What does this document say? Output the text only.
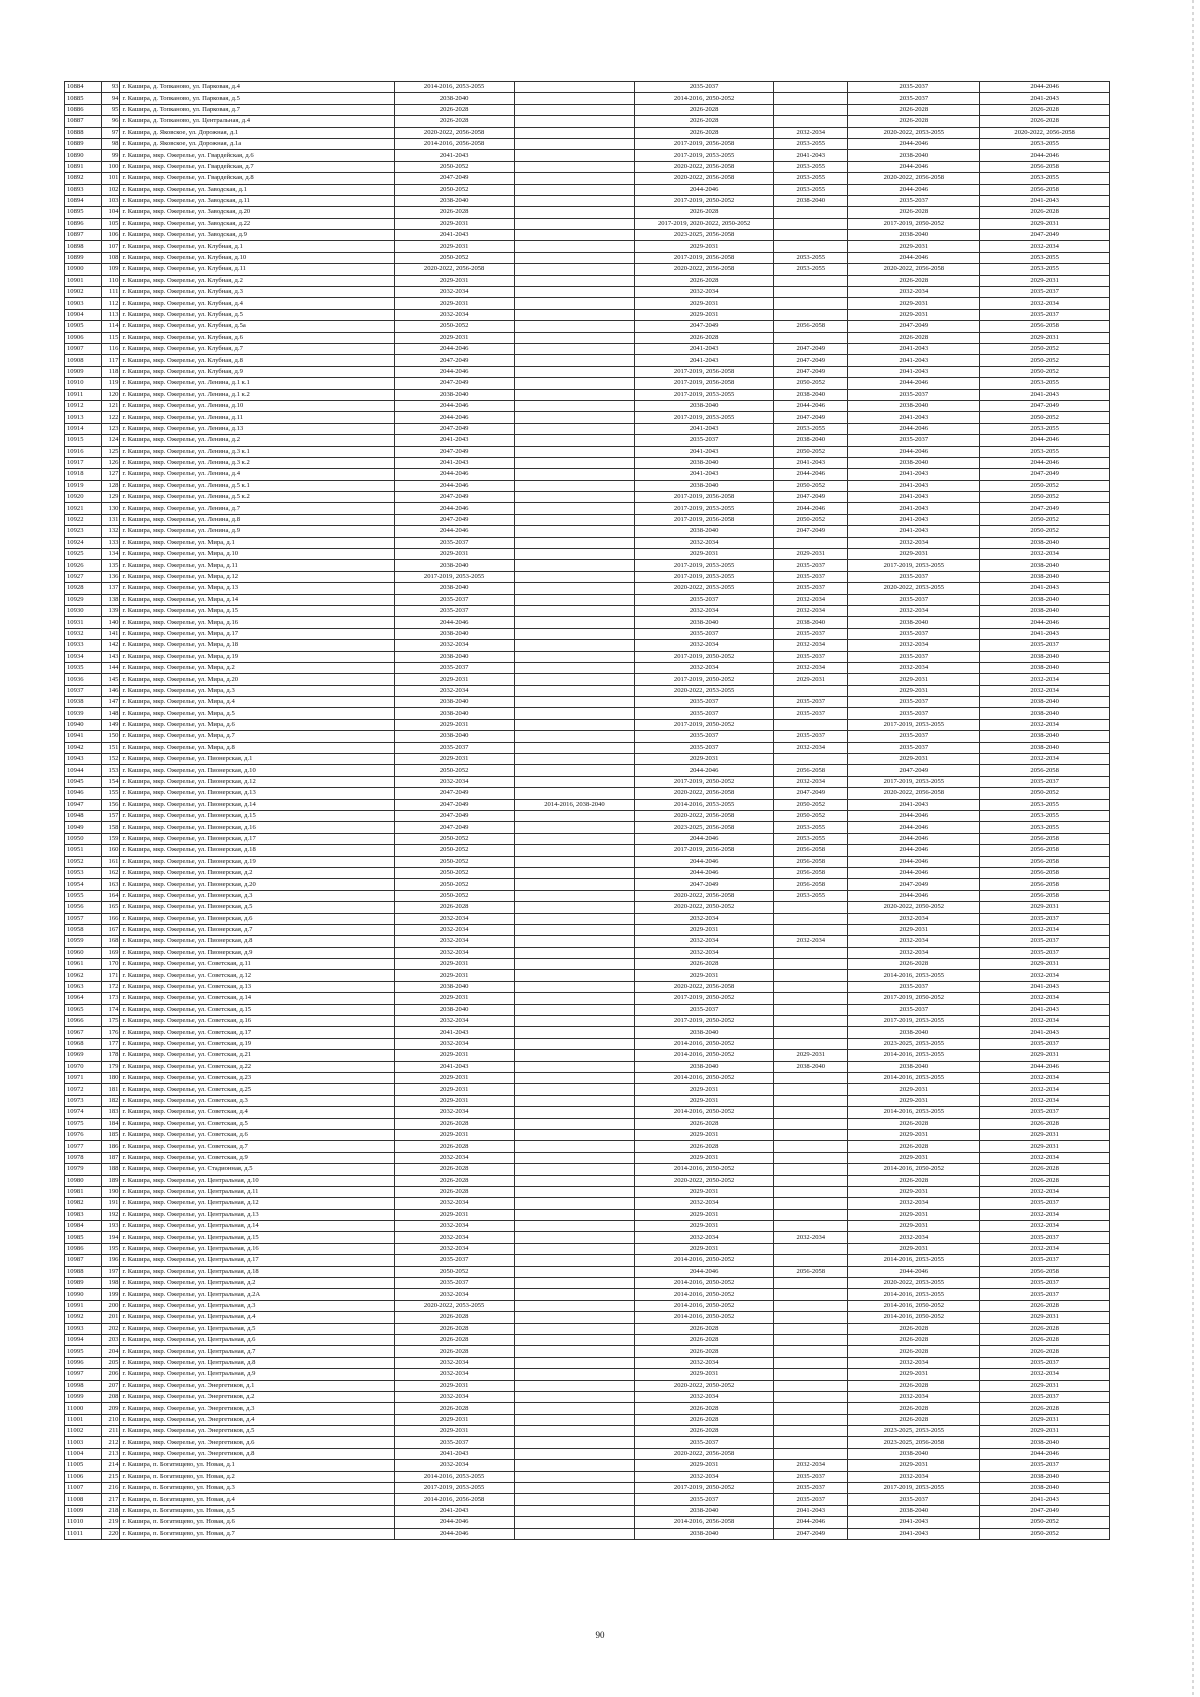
10884	93	г. Кашира, д. Топканово, ул. Парковая, д.4	2014-2016, 2053-2055		2035-2037		2035-2037	2044-2046
10885	94	г. Кашира, д. Топканово, ул. Парковая, д.5	2038-2040		2014-2016, 2050-2052		2035-2037	2041-2043
10886	95	г. Кашира, д. Топканово, ул. Парковая, д.7	2026-2028		2026-2028		2026-2028	2026-2028
10887	96	г. Кашира, д. Топканово, ул. Центральная, д.4	2026-2028		2026-2028		2026-2028	2026-2028
10888	97	г. Кашира, д. Яковское, ул. Дорожная, д.1	2020-2022, 2056-2058		2026-2028	2032-2034	2020-2022, 2053-2055	2020-2022, 2056-2058
10889	98	г. Кашира, д. Яковское, ул. Дорожная, д.1а	2014-2016, 2056-2058		2017-2019, 2056-2058	2053-2055	2044-2046	2053-2055
10890	99	г. Кашира, мкр. Ожерелье, ул. Гвардейская, д.6	2041-2043		2017-2019, 2053-2055	2041-2043	2038-2040	2044-2046
10891	100	г. Кашира, мкр. Ожерелье, ул. Гвардейская, д.7	2050-2052		2020-2022, 2056-2058	2053-2055	2044-2046	2056-2058
10892	101	г. Кашира, мкр. Ожерелье, ул. Гвардейская, д.8	2047-2049		2020-2022, 2056-2058	2053-2055	2020-2022, 2056-2058	2053-2055
10893	102	г. Кашира, мкр. Ожерелье, ул. Заводская, д.1	2050-2052		2044-2046	2053-2055	2044-2046	2056-2058
10894	103	г. Кашира, мкр. Ожерелье, ул. Заводская, д.11	2038-2040		2017-2019, 2050-2052	2038-2040	2035-2037	2041-2043
10895	104	г. Кашира, мкр. Ожерелье, ул. Заводская, д.20	2026-2028		2026-2028		2026-2028	2026-2028
10896	105	г. Кашира, мкр. Ожерелье, ул. Заводская, д.22	2029-2031		2017-2019, 2020-2022, 2050-2052		2017-2019, 2050-2052	2029-2031
10897	106	г. Кашира, мкр. Ожерелье, ул. Заводская, д.9	2041-2043		2023-2025, 2056-2058		2038-2040	2047-2049
10898	107	г. Кашира, мкр. Ожерелье, ул. Клубная, д.1	2029-2031		2029-2031		2029-2031	2032-2034
10899	108	г. Кашира, мкр. Ожерелье, ул. Клубная, д.10	2050-2052		2017-2019, 2056-2058	2053-2055	2044-2046	2053-2055
10900	109	г. Кашира, мкр. Ожерелье, ул. Клубная, д.11	2020-2022, 2056-2058		2020-2022, 2056-2058	2053-2055	2020-2022, 2056-2058	2053-2055
10901	110	г. Кашира, мкр. Ожерелье, ул. Клубная, д.2	2029-2031		2026-2028		2026-2028	2029-2031
10902	111	г. Кашира, мкр. Ожерелье, ул. Клубная, д.3	2032-2034		2032-2034		2032-2034	2035-2037
10903	112	г. Кашира, мкр. Ожерелье, ул. Клубная, д.4	2029-2031		2029-2031		2029-2031	2032-2034
10904	113	г. Кашира, мкр. Ожерелье, ул. Клубная, д.5	2032-2034		2029-2031		2029-2031	2035-2037
10905	114	г. Кашира, мкр. Ожерелье, ул. Клубная, д.5а	2050-2052		2047-2049	2056-2058	2047-2049	2056-2058
10906	115	г. Кашира, мкр. Ожерелье, ул. Клубная, д.6	2029-2031		2026-2028		2026-2028	2029-2031
10907	116	г. Кашира, мкр. Ожерелье, ул. Клубная, д.7	2044-2046		2041-2043	2047-2049	2041-2043	2050-2052
10908	117	г. Кашира, мкр. Ожерелье, ул. Клубная, д.8	2047-2049		2041-2043	2047-2049	2041-2043	2050-2052
10909	118	г. Кашира, мкр. Ожерелье, ул. Клубная, д.9	2044-2046		2017-2019, 2056-2058	2047-2049	2041-2043	2050-2052
10910	119	г. Кашира, мкр. Ожерелье, ул. Ленина, д.1 к.1	2047-2049		2017-2019, 2056-2058	2050-2052	2044-2046	2053-2055
10911	120	г. Кашира, мкр. Ожерелье, ул. Ленина, д.1 к.2	2038-2040		2017-2019, 2053-2055	2038-2040	2035-2037	2041-2043
10912	121	г. Кашира, мкр. Ожерелье, ул. Ленина, д.10	2044-2046		2038-2040	2044-2046	2038-2040	2047-2049
10913	122	г. Кашира, мкр. Ожерелье, ул. Ленина, д.11	2044-2046		2017-2019, 2053-2055	2047-2049	2041-2043	2050-2052
10914	123	г. Кашира, мкр. Ожерелье, ул. Ленина, д.13	2047-2049		2041-2043	2053-2055	2044-2046	2053-2055
10915	124	г. Кашира, мкр. Ожерелье, ул. Ленина, д.2	2041-2043		2035-2037	2038-2040	2035-2037	2044-2046
10916	125	г. Кашира, мкр. Ожерелье, ул. Ленина, д.3 к.1	2047-2049		2041-2043	2050-2052	2044-2046	2053-2055
10917	126	г. Кашира, мкр. Ожерелье, ул. Ленина, д.3 к.2	2041-2043		2038-2040	2041-2043	2038-2040	2044-2046
10918	127	г. Кашира, мкр. Ожерелье, ул. Ленина, д.4	2044-2046		2041-2043	2044-2046	2041-2043	2047-2049
10919	128	г. Кашира, мкр. Ожерелье, ул. Ленина, д.5 к.1	2044-2046		2038-2040	2050-2052	2041-2043	2050-2052
10920	129	г. Кашира, мкр. Ожерелье, ул. Ленина, д.5 к.2	2047-2049		2017-2019, 2056-2058	2047-2049	2041-2043	2050-2052
10921	130	г. Кашира, мкр. Ожерелье, ул. Ленина, д.7	2044-2046		2017-2019, 2053-2055	2044-2046	2041-2043	2047-2049
10922	131	г. Кашира, мкр. Ожерелье, ул. Ленина, д.8	2047-2049		2017-2019, 2056-2058	2050-2052	2041-2043	2050-2052
10923	132	г. Кашира, мкр. Ожерелье, ул. Ленина, д.9	2044-2046		2038-2040	2047-2049	2041-2043	2050-2052
10924	133	г. Кашира, мкр. Ожерелье, ул. Мира, д.1	2035-2037		2032-2034		2032-2034	2038-2040
10925	134	г. Кашира, мкр. Ожерелье, ул. Мира, д.10	2029-2031		2029-2031	2029-2031	2029-2031	2032-2034
10926	135	г. Кашира, мкр. Ожерелье, ул. Мира, д.11	2038-2040		2017-2019, 2053-2055	2035-2037	2017-2019, 2053-2055	2038-2040
10927	136	г. Кашира, мкр. Ожерелье, ул. Мира, д.12	2017-2019, 2053-2055		2017-2019, 2053-2055	2035-2037	2035-2037	2038-2040
10928	137	г. Кашира, мкр. Ожерелье, ул. Мира, д.13	2038-2040		2020-2022, 2053-2055	2035-2037	2020-2022, 2053-2055	2041-2043
10929	138	г. Кашира, мкр. Ожерелье, ул. Мира, д.14	2035-2037		2035-2037	2032-2034	2035-2037	2038-2040
10930	139	г. Кашира, мкр. Ожерелье, ул. Мира, д.15	2035-2037		2032-2034	2032-2034	2032-2034	2038-2040
10931	140	г. Кашира, мкр. Ожерелье, ул. Мира, д.16	2044-2046		2038-2040	2038-2040	2038-2040	2044-2046
10932	141	г. Кашира, мкр. Ожерелье, ул. Мира, д.17	2038-2040		2035-2037	2035-2037	2035-2037	2041-2043
10933	142	г. Кашира, мкр. Ожерелье, ул. Мира, д.18	2032-2034		2032-2034	2032-2034	2032-2034	2035-2037
10934	143	г. Кашира, мкр. Ожерелье, ул. Мира, д.19	2038-2040		2017-2019, 2050-2052	2035-2037	2035-2037	2038-2040
10935	144	г. Кашира, мкр. Ожерелье, ул. Мира, д.2	2035-2037		2032-2034	2032-2034	2032-2034	2038-2040
10936	145	г. Кашира, мкр. Ожерелье, ул. Мира, д.20	2029-2031		2017-2019, 2050-2052	2029-2031	2029-2031	2032-2034
10937	146	г. Кашира, мкр. Ожерелье, ул. Мира, д.3	2032-2034		2020-2022, 2053-2055		2029-2031	2032-2034
10938	147	г. Кашира, мкр. Ожерелье, ул. Мира, д.4	2038-2040		2035-2037	2035-2037	2035-2037	2038-2040
10939	148	г. Кашира, мкр. Ожерелье, ул. Мира, д.5	2038-2040		2035-2037	2035-2037	2035-2037	2038-2040
10940	149	г. Кашира, мкр. Ожерелье, ул. Мира, д.6	2029-2031		2017-2019, 2050-2052		2017-2019, 2053-2055	2032-2034
10941	150	г. Кашира, мкр. Ожерелье, ул. Мира, д.7	2038-2040		2035-2037	2035-2037	2035-2037	2038-2040
10942	151	г. Кашира, мкр. Ожерелье, ул. Мира, д.8	2035-2037		2035-2037	2032-2034	2035-2037	2038-2040
10943	152	г. Кашира, мкр. Ожерелье, ул. Пионерская, д.1	2029-2031		2029-2031		2029-2031	2032-2034
10944	153	г. Кашира, мкр. Ожерелье, ул. Пионерская, д.10	2050-2052		2044-2046	2056-2058	2047-2049	2056-2058
10945	154	г. Кашира, мкр. Ожерелье, ул. Пионерская, д.12	2032-2034		2017-2019, 2050-2052	2032-2034	2017-2019, 2053-2055	2035-2037
10946	155	г. Кашира, мкр. Ожерелье, ул. Пионерская, д.13	2047-2049		2020-2022, 2056-2058	2047-2049	2020-2022, 2056-2058	2050-2052
10947	156	г. Кашира, мкр. Ожерелье, ул. Пионерская, д.14	2047-2049	2014-2016, 2038-2040	2014-2016, 2053-2055	2050-2052	2041-2043	2053-2055
10948	157	г. Кашира, мкр. Ожерелье, ул. Пионерская, д.15	2047-2049		2020-2022, 2056-2058	2050-2052	2044-2046	2053-2055
10949	158	г. Кашира, мкр. Ожерелье, ул. Пионерская, д.16	2047-2049		2023-2025, 2056-2058	2053-2055	2044-2046	2053-2055
10950	159	г. Кашира, мкр. Ожерелье, ул. Пионерская, д.17	2050-2052		2044-2046	2053-2055	2044-2046	2056-2058
10951	160	г. Кашира, мкр. Ожерелье, ул. Пионерская, д.18	2050-2052		2017-2019, 2056-2058	2056-2058	2044-2046	2056-2058
10952	161	г. Кашира, мкр. Ожерелье, ул. Пионерская, д.19	2050-2052		2044-2046	2056-2058	2044-2046	2056-2058
10953	162	г. Кашира, мкр. Ожерелье, ул. Пионерская, д.2	2050-2052		2044-2046	2056-2058	2044-2046	2056-2058
10954	163	г. Кашира, мкр. Ожерелье, ул. Пионерская, д.20	2050-2052		2047-2049	2056-2058	2047-2049	2056-2058
10955	164	г. Кашира, мкр. Ожерелье, ул. Пионерская, д.3	2050-2052		2020-2022, 2056-2058	2053-2055	2044-2046	2056-2058
10956	165	г. Кашира, мкр. Ожерелье, ул. Пионерская, д.5	2026-2028		2020-2022, 2050-2052		2020-2022, 2050-2052	2029-2031
10957	166	г. Кашира, мкр. Ожерелье, ул. Пионерская, д.6	2032-2034		2032-2034		2032-2034	2035-2037
10958	167	г. Кашира, мкр. Ожерелье, ул. Пионерская, д.7	2032-2034		2029-2031		2029-2031	2032-2034
10959	168	г. Кашира, мкр. Ожерелье, ул. Пионерская, д.8	2032-2034		2032-2034	2032-2034	2032-2034	2035-2037
10960	169	г. Кашира, мкр. Ожерелье, ул. Пионерская, д.9	2032-2034		2032-2034		2032-2034	2035-2037
10961	170	г. Кашира, мкр. Ожерелье, ул. Советская, д.11	2029-2031		2026-2028		2026-2028	2029-2031
10962	171	г. Кашира, мкр. Ожерелье, ул. Советская, д.12	2029-2031		2029-2031		2014-2016, 2053-2055	2032-2034
10963	172	г. Кашира, мкр. Ожерелье, ул. Советская, д.13	2038-2040		2020-2022, 2056-2058		2035-2037	2041-2043
10964	173	г. Кашира, мкр. Ожерелье, ул. Советская, д.14	2029-2031		2017-2019, 2050-2052		2017-2019, 2050-2052	2032-2034
10965	174	г. Кашира, мкр. Ожерелье, ул. Советская, д.15	2038-2040		2035-2037		2035-2037	2041-2043
10966	175	г. Кашира, мкр. Ожерелье, ул. Советская, д.16	2032-2034		2017-2019, 2050-2052		2017-2019, 2053-2055	2032-2034
10967	176	г. Кашира, мкр. Ожерелье, ул. Советская, д.17	2041-2043		2038-2040		2038-2040	2041-2043
10968	177	г. Кашира, мкр. Ожерелье, ул. Советская, д.19	2032-2034		2014-2016, 2050-2052		2023-2025, 2053-2055	2035-2037
10969	178	г. Кашира, мкр. Ожерелье, ул. Советская, д.21	2029-2031		2014-2016, 2050-2052	2029-2031	2014-2016, 2053-2055	2029-2031
10970	179	г. Кашира, мкр. Ожерелье, ул. Советская, д.22	2041-2043		2038-2040	2038-2040	2038-2040	2044-2046
10971	180	г. Кашира, мкр. Ожерелье, ул. Советская, д.23	2029-2031		2014-2016, 2050-2052		2014-2016, 2053-2055	2032-2034
10972	181	г. Кашира, мкр. Ожерелье, ул. Советская, д.25	2029-2031		2029-2031		2029-2031	2032-2034
10973	182	г. Кашира, мкр. Ожерелье, ул. Советская, д.3	2029-2031		2029-2031		2029-2031	2032-2034
10974	183	г. Кашира, мкр. Ожерелье, ул. Советская, д.4	2032-2034		2014-2016, 2050-2052		2014-2016, 2053-2055	2035-2037
10975	184	г. Кашира, мкр. Ожерелье, ул. Советская, д.5	2026-2028		2026-2028		2026-2028	2026-2028
10976	185	г. Кашира, мкр. Ожерелье, ул. Советская, д.6	2029-2031		2029-2031		2029-2031	2029-2031
10977	186	г. Кашира, мкр. Ожерелье, ул. Советская, д.7	2026-2028		2026-2028		2026-2028	2029-2031
10978	187	г. Кашира, мкр. Ожерелье, ул. Советская, д.9	2032-2034		2029-2031		2029-2031	2032-2034
10979	188	г. Кашира, мкр. Ожерелье, ул. Стадионная, д.5	2026-2028		2014-2016, 2050-2052		2014-2016, 2050-2052	2026-2028
10980	189	г. Кашира, мкр. Ожерелье, ул. Центральная, д.10	2026-2028		2020-2022, 2050-2052		2026-2028	2026-2028
10981	190	г. Кашира, мкр. Ожерелье, ул. Центральная, д.11	2026-2028		2029-2031		2029-2031	2032-2034
10982	191	г. Кашира, мкр. Ожерелье, ул. Центральная, д.12	2032-2034		2032-2034		2032-2034	2035-2037
10983	192	г. Кашира, мкр. Ожерелье, ул. Центральная, д.13	2029-2031		2029-2031		2029-2031	2032-2034
10984	193	г. Кашира, мкр. Ожерелье, ул. Центральная, д.14	2032-2034		2029-2031		2029-2031	2032-2034
10985	194	г. Кашира, мкр. Ожерелье, ул. Центральная, д.15	2032-2034		2032-2034	2032-2034	2032-2034	2035-2037
10986	195	г. Кашира, мкр. Ожерелье, ул. Центральная, д.16	2032-2034		2029-2031		2029-2031	2032-2034
10987	196	г. Кашира, мкр. Ожерелье, ул. Центральная, д.17	2035-2037		2014-2016, 2050-2052		2014-2016, 2053-2055	2035-2037
10988	197	г. Кашира, мкр. Ожерелье, ул. Центральная, д.18	2050-2052		2044-2046	2056-2058	2044-2046	2056-2058
10989	198	г. Кашира, мкр. Ожерелье, ул. Центральная, д.2	2035-2037		2014-2016, 2050-2052		2020-2022, 2053-2055	2035-2037
10990	199	г. Кашира, мкр. Ожерелье, ул. Центральная, д.2А	2032-2034		2014-2016, 2050-2052		2014-2016, 2053-2055	2035-2037
10991	200	г. Кашира, мкр. Ожерелье, ул. Центральная, д.3	2020-2022, 2053-2055		2014-2016, 2050-2052		2014-2016, 2050-2052	2026-2028
10992	201	г. Кашира, мкр. Ожерелье, ул. Центральная, д.4	2026-2028		2014-2016, 2050-2052		2014-2016, 2050-2052	2029-2031
10993	202	г. Кашира, мкр. Ожерелье, ул. Центральная, д.5	2026-2028		2026-2028		2026-2028	2026-2028
10994	203	г. Кашира, мкр. Ожерелье, ул. Центральная, д.6	2026-2028		2026-2028		2026-2028	2026-2028
10995	204	г. Кашира, мкр. Ожерелье, ул. Центральная, д.7	2026-2028		2026-2028		2026-2028	2026-2028
10996	205	г. Кашира, мкр. Ожерелье, ул. Центральная, д.8	2032-2034		2032-2034		2032-2034	2035-2037
10997	206	г. Кашира, мкр. Ожерелье, ул. Центральная, д.9	2032-2034		2029-2031		2029-2031	2032-2034
10998	207	г. Кашира, мкр. Ожерелье, ул. Энергетиков, д.1	2029-2031		2020-2022, 2050-2052		2026-2028	2029-2031
10999	208	г. Кашира, мкр. Ожерелье, ул. Энергетиков, д.2	2032-2034		2032-2034		2032-2034	2035-2037
11000	209	г. Кашира, мкр. Ожерелье, ул. Энергетиков, д.3	2026-2028		2026-2028		2026-2028	2026-2028
11001	210	г. Кашира, мкр. Ожерелье, ул. Энергетиков, д.4	2029-2031		2026-2028		2026-2028	2029-2031
11002	211	г. Кашира, мкр. Ожерелье, ул. Энергетиков, д.5	2029-2031		2026-2028		2023-2025, 2053-2055	2029-2031
11003	212	г. Кашира, мкр. Ожерелье, ул. Энергетиков, д.6	2035-2037		2035-2037		2023-2025, 2056-2058	2038-2040
11004	213	г. Кашира, мкр. Ожерелье, ул. Энергетиков, д.8	2041-2043		2020-2022, 2056-2058		2038-2040	2044-2046
11005	214	г. Кашира, п. Богатищево, ул. Новая, д.1	2032-2034		2029-2031	2032-2034	2029-2031	2035-2037
11006	215	г. Кашира, п. Богатищево, ул. Новая, д.2	2014-2016, 2053-2055		2032-2034	2035-2037	2032-2034	2038-2040
11007	216	г. Кашира, п. Богатищево, ул. Новая, д.3	2017-2019, 2053-2055		2017-2019, 2050-2052	2035-2037	2017-2019, 2053-2055	2038-2040
11008	217	г. Кашира, п. Богатищево, ул. Новая, д.4	2014-2016, 2056-2058		2035-2037	2035-2037	2035-2037	2041-2043
11009	218	г. Кашира, п. Богатищево, ул. Новая, д.5	2041-2043		2038-2040	2041-2043	2038-2040	2047-2049
11010	219	г. Кашира, п. Богатищево, ул. Новая, д.6	2044-2046		2014-2016, 2056-2058	2044-2046	2041-2043	2050-2052
11011	220	г. Кашира, п. Богатищево, ул. Новая, д.7	2044-2046		2038-2040	2047-2049	2041-2043	2050-2052
90
